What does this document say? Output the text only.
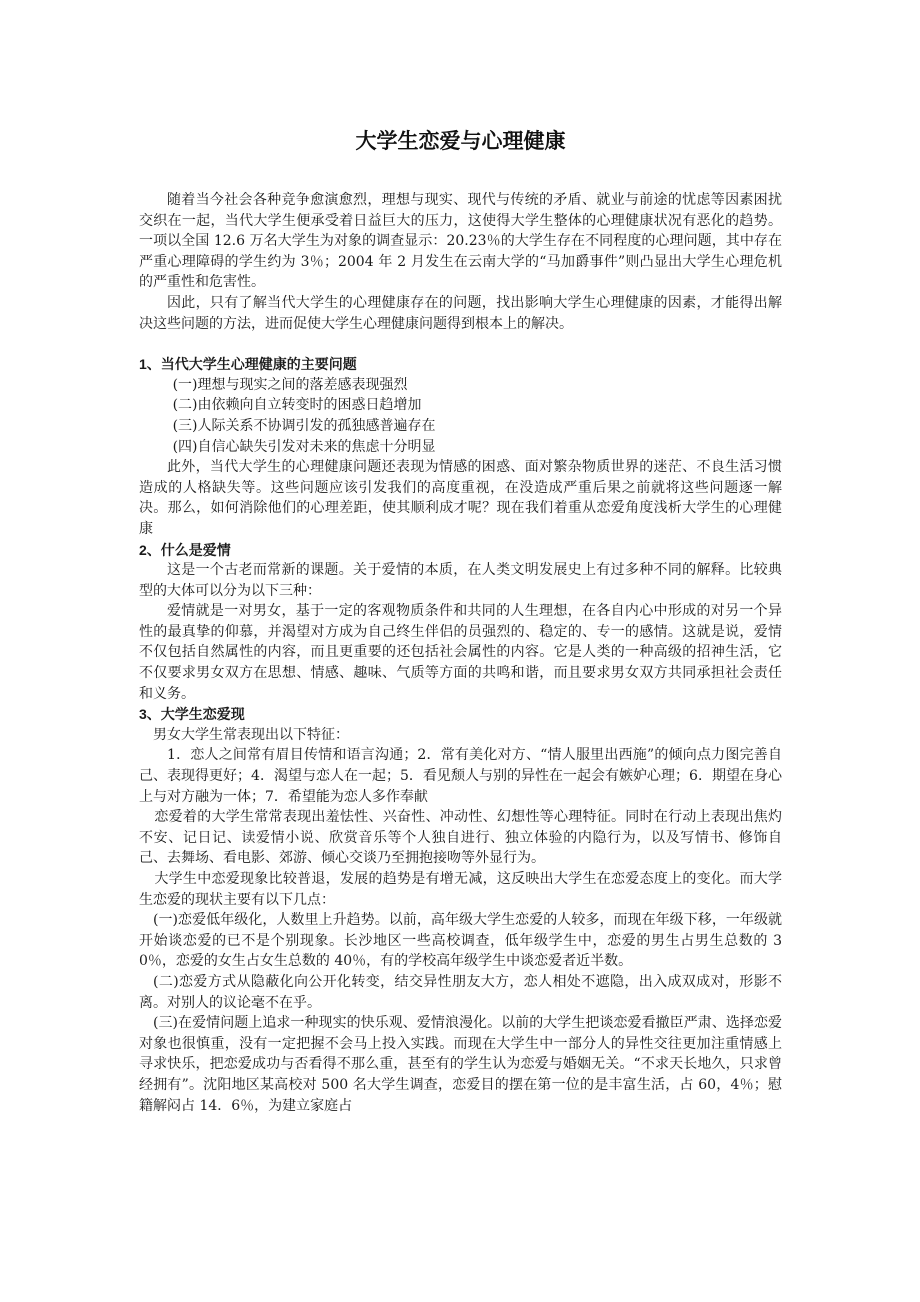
大学生恋爱与心理健康

随着当今社会各种竞争愈演愈烈，理想与现实、现代与传统的矛盾、就业与前途的忧虑等因素困扰交织在一起，当代大学生便承受着日益巨大的压力，这使得大学生整体的心理健康状况有恶化的趋势。一项以全国 12.6 万名大学生为对象的调查显示：20.23％的大学生存在不同程度的心理问题，其中存在严重心理障碍的学生约为 3％；2004 年 2 月发生在云南大学的“马加爵事件”则凸显出大学生心理危机的严重性和危害性。

因此，只有了解当代大学生的心理健康存在的问题，找出影响大学生心理健康的因素，才能得出解决这些问题的方法，进而促使大学生心理健康问题得到根本上的解决。

1、当代大学生心理健康的主要问题

(一)理想与现实之间的落差感表现强烈

(二)由依赖向自立转变时的困惑日趋增加

(三)人际关系不协调引发的孤独感普遍存在

(四)自信心缺失引发对未来的焦虑十分明显

此外，当代大学生的心理健康问题还表现为情感的困惑、面对繁杂物质世界的迷茫、不良生活习惯造成的人格缺失等。这些问题应该引发我们的高度重视，在没造成严重后果之前就将这些问题逐一解决。那么，如何消除他们的心理差距，使其顺利成才呢？现在我们着重从恋爱角度浅析大学生的心理健康

2、什么是爱情

这是一个古老而常新的课题。关于爱情的本质，在人类文明发展史上有过多种不同的解释。比较典型的大体可以分为以下三种：

爱情就是一对男女，基于一定的客观物质条件和共同的人生理想，在各自内心中形成的对另一个异性的最真挚的仰慕，并渴望对方成为自己终生伴侣的员强烈的、稳定的、专一的感情。这就是说，爱情不仅包括自然属性的内容，而且更重要的还包括社会属性的内容。它是人类的一种高级的招神生活，它不仅要求男女双方在思想、情感、趣味、气质等方面的共鸣和谐，而且要求男女双方共同承担社会责任和义务。

3、大学生恋爱现

男女大学生常表现出以下特征：

1．恋人之间常有眉目传情和语言沟通；2．常有美化对方、“情人服里出西施”的倾向点力图完善自己、表现得更好；4．渴望与恋人在一起；5．看见颓人与别的异性在一起会有嫉妒心理；6．期望在身心上与对方融为一体；7．希望能为恋人多作奉献

恋爱着的大学生常常表现出羞怯性、兴奋性、冲动性、幻想性等心理特征。同时在行动上表现出焦灼不安、记日记、读爱情小说、欣赏音乐等个人独自进行、独立体验的内隐行为，以及写情书、修饰自己、去舞场、看电影、郊游、倾心交谈乃至拥抱接吻等外显行为。

大学生中恋爱现象比较普退，发展的趋势是有增无减，这反映出大学生在恋爱态度上的变化。而大学生恋爱的现状主要有以下几点：

(一)恋爱低年级化，人数里上升趋势。以前，高年级大学生恋爱的人较多，而现在年级下移，一年级就开始谈恋爱的已不是个别现象。长沙地区一些高校调查，低年级学生中，恋爱的男生占男生总数的 30％，恋爱的女生占女生总数的 40％，有的学校高年级学生中谈恋爱者近半数。

(二)恋爱方式从隐蔽化向公开化转变，结交异性朋友大方，恋人相处不遮隐，出入成双成对，形影不离。对别人的议论毫不在乎。

(三)在爱情问题上追求一种现实的快乐观、爱情浪漫化。以前的大学生把谈恋爱看撤臣严肃、选择恋爱对象也很慎重，没有一定把握不会马上投入实践。而现在大学生中一部分人的异性交往更加注重情感上寻求快乐，把恋爱成功与否看得不那么重，甚至有的学生认为恋爱与婚姻无关。“不求天长地久，只求曾经拥有”。沈阳地区某高校对 500 名大学生调查，恋爱目的摆在第一位的是丰富生活，占 60，4％；慰籍解闷占 14．6％，为建立家庭占
